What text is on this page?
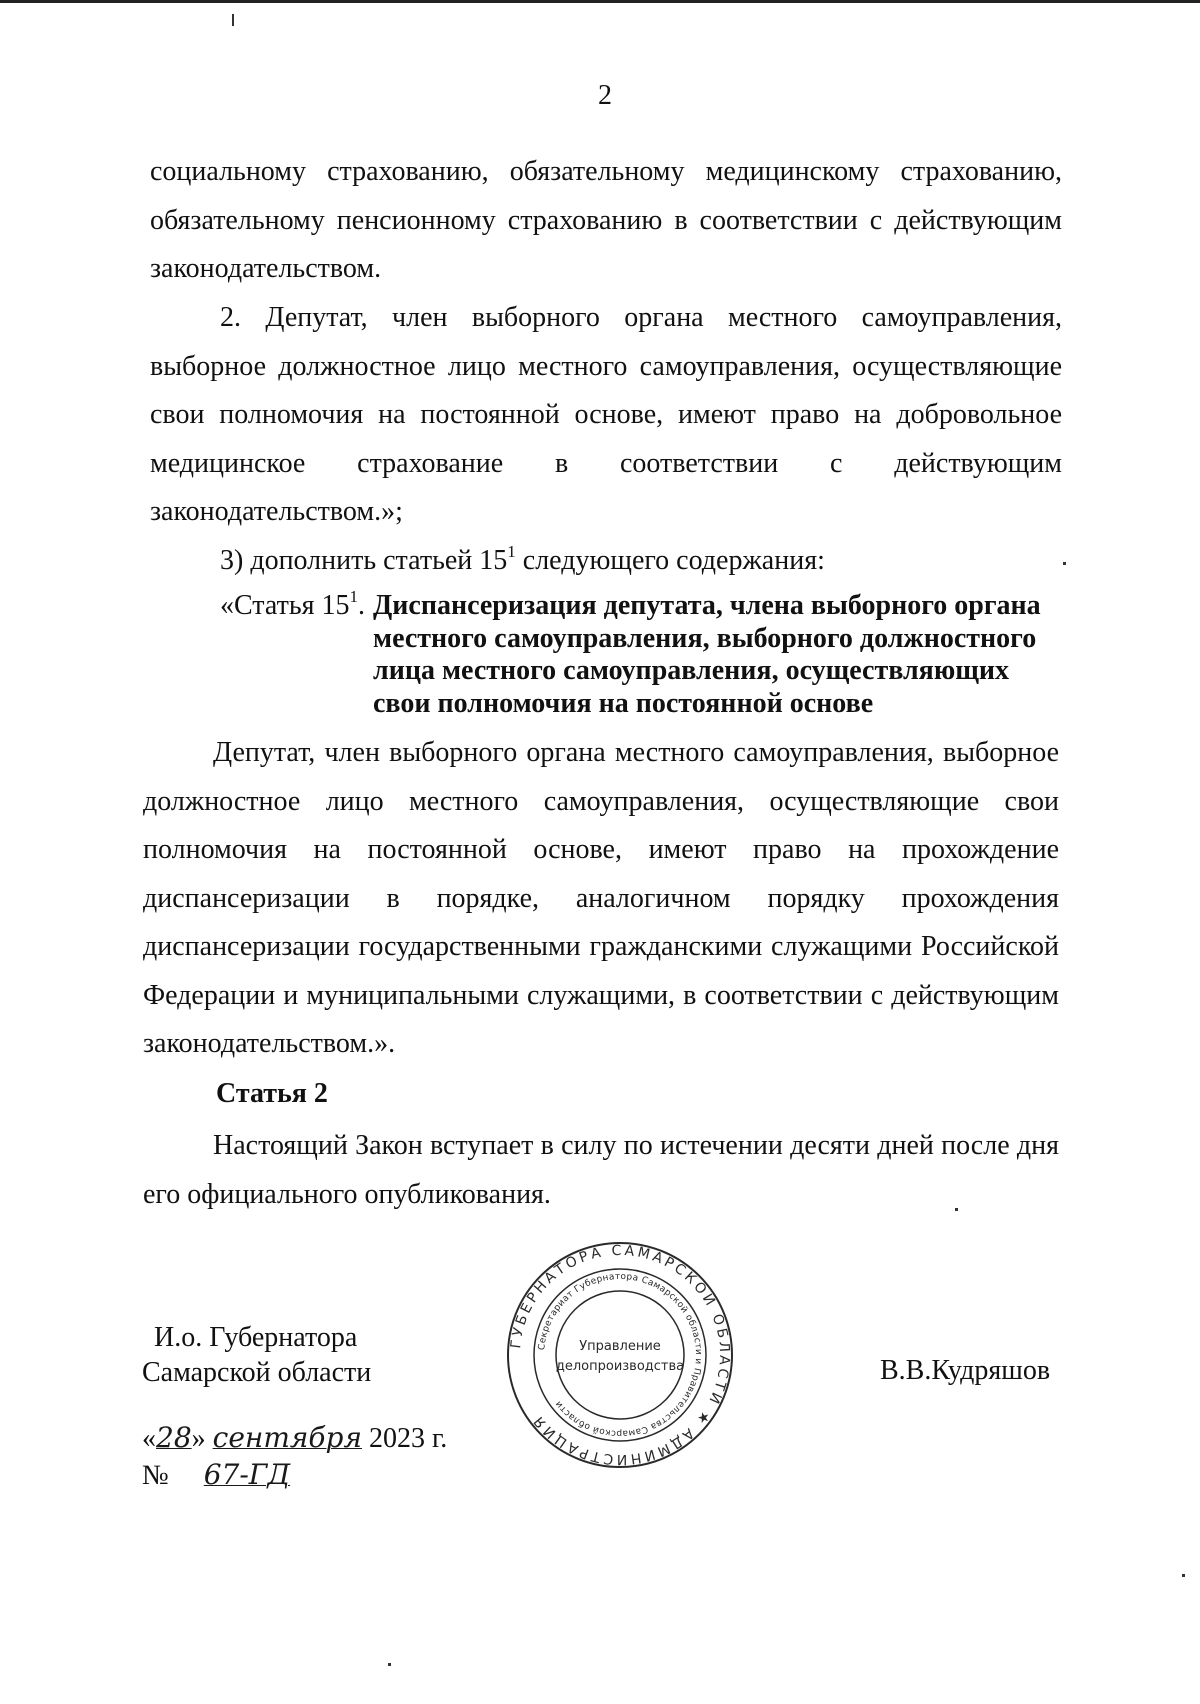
2

социальному страхованию, обязательному медицинскому страхованию, обязательному пенсионному страхованию в соответствии с действующим законодательством.

2. Депутат, член выборного органа местного самоуправления, выборное должностное лицо местного самоуправления, осуществляющие свои полномочия на постоянной основе, имеют право на добровольное медицинское страхование в соответствии с действующим законодательством.»;

3) дополнить статьей $15^1$ следующего содержания:

«Статья $15^1$. Диспансеризация депутата, члена выборного органа местного самоуправления, выборного должностного лица местного самоуправления, осуществляющих свои полномочия на постоянной основе

Депутат, член выборного органа местного самоуправления, выборное должностное лицо местного самоуправления, осуществляющие свои полномочия на постоянной основе, имеют право на прохождение диспансеризации в порядке, аналогичном порядку прохождения диспансеризации государственными гражданскими служащими Российской Федерации и муниципальными служащими, в соответствии с действующим законодательством.».

Статья 2

Настоящий Закон вступает в силу по истечении десяти дней после дня его официального опубликования.

И.о. Губернатора
Самарской области
ГУБЕРНАТОРА САМАРСКОЙ ОБЛАСТИ ★ АДМИНИСТРАЦИЯ
Секретариат Губернатора Самарской области и Правительства Самарской области
Управление
делопроизводства	В.В.Кудряшов
«28» сентября 2023 г.
№ 67-ГД
